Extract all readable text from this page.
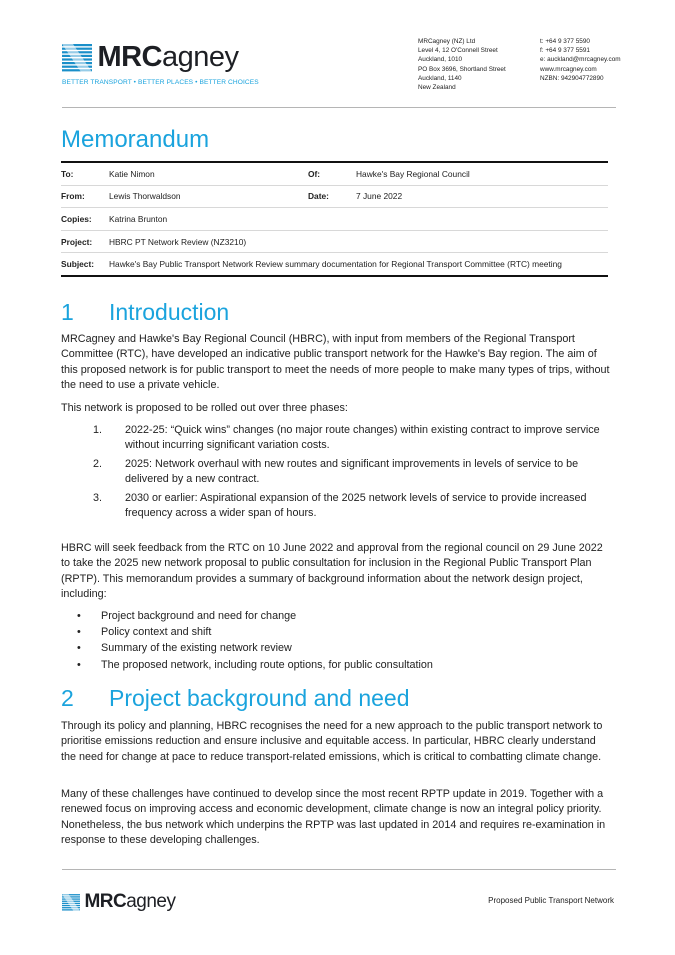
MRCagney
BETTER TRANSPORT • BETTER PLACES • BETTER CHOICES
MRCagney (NZ) Ltd
Level 4, 12 O'Connell Street
Auckland, 1010
PO Box 3696, Shortland Street
Auckland, 1140
New Zealand
t: +64 9 377 5590
f: +64 9 377 5591
e: auckland@mrcagney.com
www.mrcagney.com
NZBN: 942904772890
Memorandum
To:	Katie Nimon	Of:	Hawke's Bay Regional Council
From:	Lewis Thorwaldson	Date:	7 June 2022
Copies:	Katrina Brunton		
Project:	HBRC PT Network Review (NZ3210)		
Subject:	Hawke's Bay Public Transport Network Review summary documentation for Regional Transport Committee (RTC) meeting		
1 Introduction

MRCagney and Hawke's Bay Regional Council (HBRC), with input from members of the Regional Transport Committee (RTC), have developed an indicative public transport network for the Hawke's Bay region. The aim of this proposed network is for public transport to meet the needs of more people to make many types of trips, without the need to use a private vehicle.

This network is proposed to be rolled out over three phases:

1. 2022-25: “Quick wins” changes (no major route changes) within existing contract to improve service without incurring significant variation costs.
2. 2025: Network overhaul with new routes and significant improvements in levels of service to be delivered by a new contract.
3. 2030 or earlier: Aspirational expansion of the 2025 network levels of service to provide increased frequency across a wider span of hours.

HBRC will seek feedback from the RTC on 10 June 2022 and approval from the regional council on 29 June 2022 to take the 2025 new network proposal to public consultation for inclusion in the Regional Public Transport Plan (RPTP). This memorandum provides a summary of background information about the network design project, including:

• Project background and need for change
• Policy context and shift
• Summary of the existing network review
• The proposed network, including route options, for public consultation
2 Project background and need

Through its policy and planning, HBRC recognises the need for a new approach to the public transport network to prioritise emissions reduction and ensure inclusive and equitable access. In particular, HBRC clearly understand the need for change at pace to reduce transport-related emissions, which is critical to combatting climate change.

Many of these challenges have continued to develop since the most recent RPTP update in 2019. Together with a renewed focus on improving access and economic development, climate change is now an integral policy priority. Nonetheless, the bus network which underpins the RPTP was last updated in 2014 and requires re-examination in response to these developing challenges.

MRCagney	Proposed Public Transport Network
